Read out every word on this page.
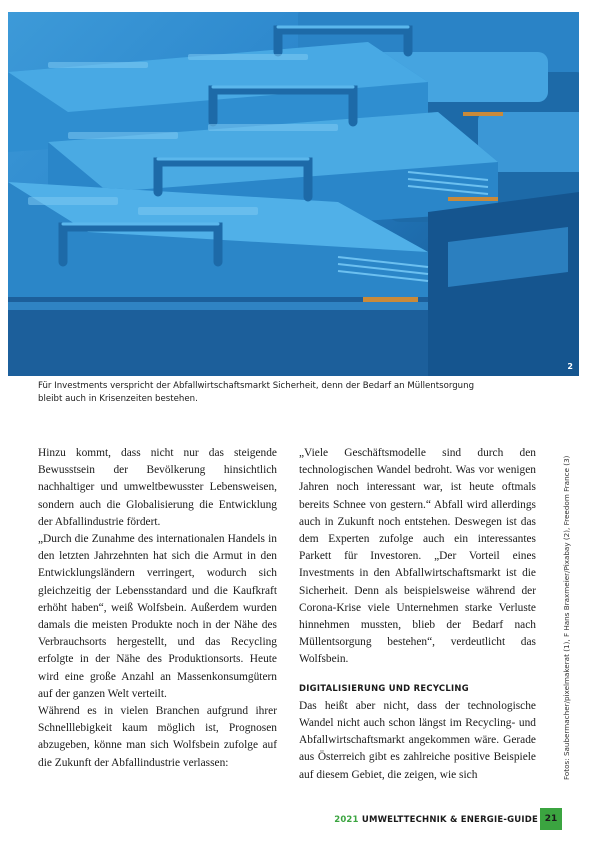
2
Für Investments verspricht der Abfallwirtschaftsmarkt Sicherheit, denn der Bedarf an Müllentsorgung
bleibt auch in Krisenzeiten bestehen.
Fotos: Saubermacher/pixelmakerat (1), F Hans Braxmeier/Pixabay (2), Freedom France (3)

Hinzu kommt, dass nicht nur das steigende Bewusstsein der Bevölkerung hinsichtlich nachhaltiger und umweltbewusster Lebensweisen, sondern auch die Globalisierung die Entwicklung der Abfallindustrie fördert.

„Durch die Zunahme des internationalen Handels in den letzten Jahrzehnten hat sich die Armut in den Entwicklungsländern verringert, wodurch sich gleichzeitig der Lebensstandard und die Kaufkraft erhöht haben“, weiß Wolfsbein. Außerdem wurden damals die meisten Produkte noch in der Nähe des Verbrauchsorts hergestellt, und das Recycling erfolgte in der Nähe des Produktionsorts. Heute wird eine große Anzahl an Massenkonsumgütern auf der ganzen Welt verteilt.

Während es in vielen Branchen aufgrund ihrer Schnelllebigkeit kaum möglich ist, Prognosen abzugeben, könne man sich Wolfsbein zufolge auf die Zukunft der Abfallindustrie verlassen:

„Viele Geschäftsmodelle sind durch den technologischen Wandel bedroht. Was vor wenigen Jahren noch interessant war, ist heute oftmals bereits Schnee von gestern.“ Abfall wird allerdings auch in Zukunft noch entstehen. Deswegen ist das dem Experten zufolge auch ein interessantes Parkett für Investoren. „Der Vorteil eines Investments in den Abfallwirtschaftsmarkt ist die Sicherheit. Denn als beispielsweise während der Corona-Krise viele Unternehmen starke Verluste hinnehmen mussten, blieb der Bedarf nach Müllentsorgung bestehen“, verdeutlicht das Wolfsbein.

DIGITALISIERUNG UND RECYCLING

Das heißt aber nicht, dass der technologische Wandel nicht auch schon längst im Recycling- und Abfallwirtschaftsmarkt angekommen wäre. Gerade aus Österreich gibt es zahlreiche positive Beispiele auf diesem Gebiet, die zeigen, wie sich

2021 UMWELTTECHNIK & ENERGIE-GUIDE 21
